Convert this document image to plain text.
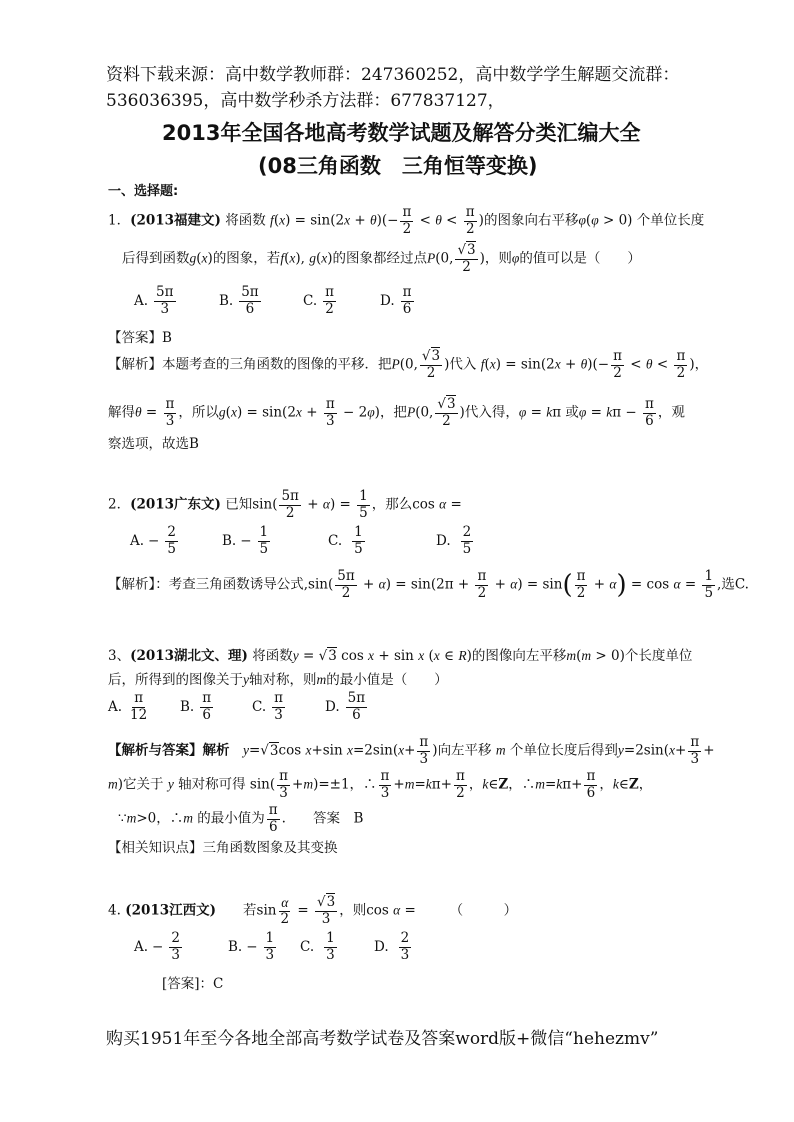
资料下载来源：高中数学教师群：247360252，高中数学学生解题交流群：
536036395，高中数学秒杀方法群：677837127，
2013年全国各地高考数学试题及解答分类汇编大全
(08三角函数　三角恒等变换)
一、选择题:
1．(2013福建文) 将函数 $f(x) = \sin(2x + \theta)(- \frac{\pi}{2} < \theta < \frac{\pi}{2}$ )的图象向右平移φ(φ > 0) 个单位长度
后得到函数g(x)的图象，若f(x), g(x)的图象都经过点P(0, $\frac{√3}{2}$ )，则φ的值可以是（　　）
A. $\frac{5\pi}{3}$	B. $\frac{5\pi}{6}$	C. $\frac{\pi}{2}$	D. $\frac{\pi}{6}$
【答案】B
【解析】本题考查的三角函数的图像的平移．把P(0, $\frac{√3}{2}$ )代入 $f(x) = \sin(2x + \theta)(- \frac{\pi}{2} < \theta < \frac{\pi}{2}$ )，
解得$\theta = \frac{\pi}{3}$ ，所以$g(x) = \sin(2x + \frac{\pi}{3} - 2\varphi)$，把P(0, $\frac{√3}{2}$ )代入得，φ = kπ 或$\varphi = k\pi - \frac{\pi}{6}$ ，观
察选项，故选B
2．(2013广东文) 已知$\sin( \frac{5\pi}{2} + \alpha) = \frac{1}{5}$ ，那么cos α =
A. − $\frac{2}{5}$	B. − $\frac{1}{5}$	C. $\frac{1}{5}$	D. $\frac{2}{5}$
【解析】：考查三角函数诱导公式$,\sin( \frac{5\pi}{2} + \alpha) = \sin(2\pi + \frac{\pi}{2} + \alpha) = \sin( \frac{\pi}{2} + \alpha) = \cos \alpha = \frac{1}{5}$ ,选C.
3、(2013湖北文、理) 将函数y = √3 cos x + sin x (x ∈ R)的图像向左平移m(m > 0)个长度单位
后，所得到的图像关于y轴对称，则m的最小值是（　　）
A. $\frac{\pi}{12} B$. $\frac{\pi}{6}$	C. $\frac{\pi}{3}$	D. $\frac{5\pi}{6}$
【解析与答案】解析　 y=√3cos x+sin $x=2\sin(x+ \frac{\pi}{3}$ )向左平移 m 个单位长度后得到$y=2\sin(x+ \frac{\pi}{3}$ +
m)它关于 y 轴对称可得 $\sin( \frac{\pi}{3} +m)=\pm 1$，∴ $\frac{\pi}{3} +m=k\pi+ \frac{\pi}{2}$ ，k∈Z，∴m=kπ+ $\frac{\pi}{6}$ ，k∈Z，
∵m>0，∴m 的最小值为 $\frac{\pi}{6}$ .　　答案　B
【相关知识点】三角函数图象及其变换
4. (2013江西文)　　 若$\sin \frac{\alpha}{2} = \frac{√3}{3}$ ，则cos α =　　　（　　　）
A. − $\frac{2}{3}$	B. − $\frac{1}{3} C$. $\frac{1}{3}$	D. $\frac{2}{3}$
[答案]：C
购买1951年至今各地全部高考数学试卷及答案word版+微信“hehezmv”
